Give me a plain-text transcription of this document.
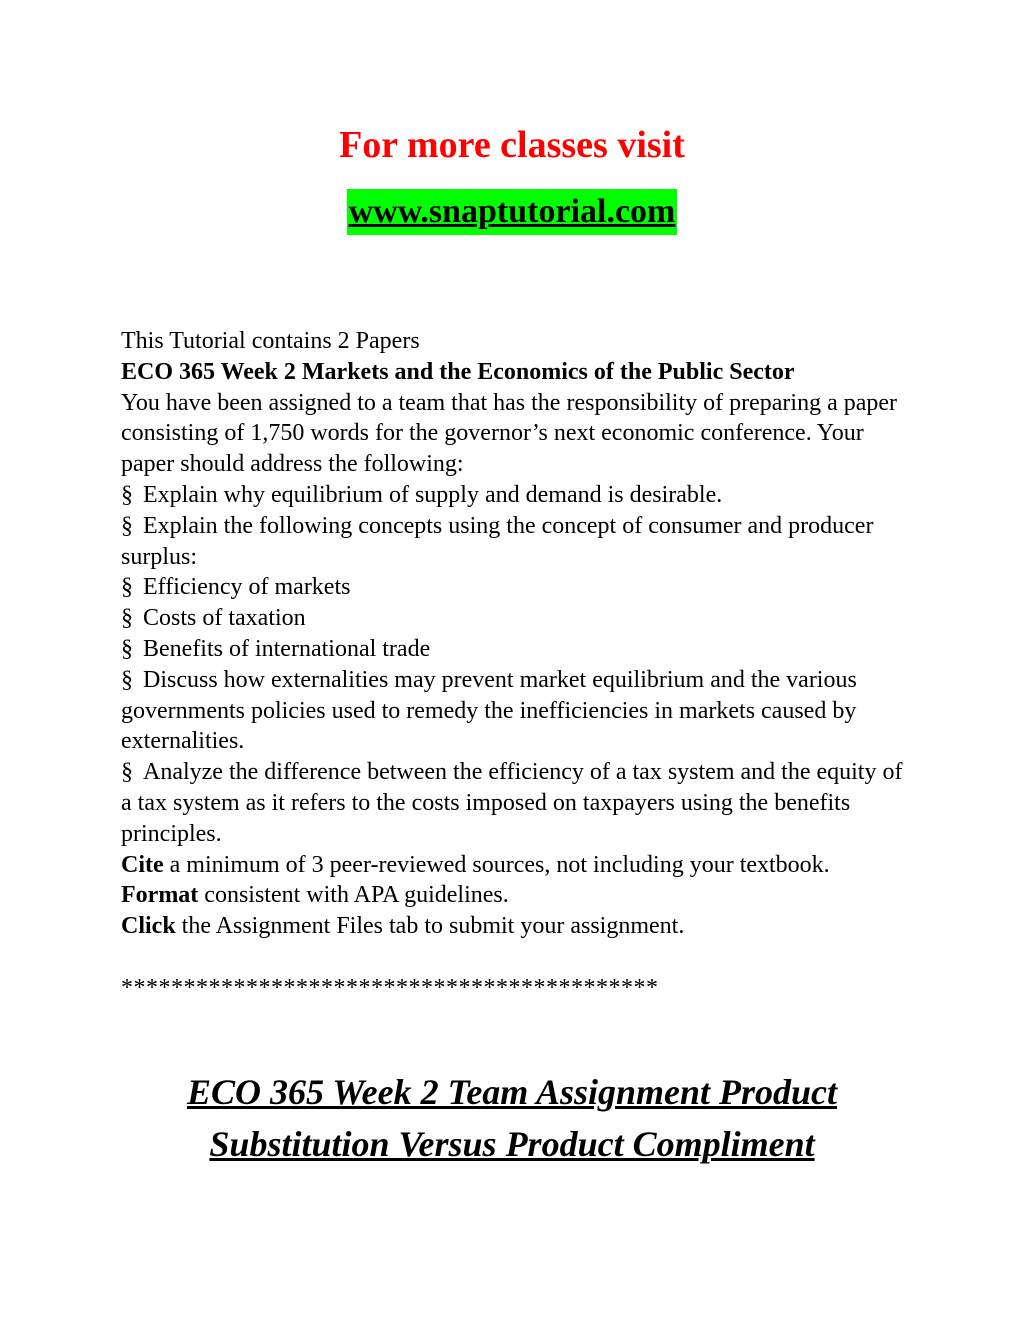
For more classes visit
www.snaptutorial.com

This Tutorial contains 2 Papers

ECO 365 Week 2 Markets and the Economics of the Public Sector

You have been assigned to a team that has the responsibility of preparing a paper consisting of 1,750 words for the governor’s next economic conference. Your paper should address the following:

§ Explain why equilibrium of supply and demand is desirable.

§ Explain the following concepts using the concept of consumer and producer surplus:

§ Efficiency of markets

§ Costs of taxation

§ Benefits of international trade

§ Discuss how externalities may prevent market equilibrium and the various governments policies used to remedy the inefficiencies in markets caused by externalities.

§ Analyze the difference between the efficiency of a tax system and the equity of a tax system as it refers to the costs imposed on taxpayers using the benefits principles.

Cite a minimum of 3 peer-reviewed sources, not including your textbook.

Format consistent with APA guidelines.

Click the Assignment Files tab to submit your assignment.

*******************************************

ECO 365 Week 2 Team Assignment Product
Substitution Versus Product Compliment
